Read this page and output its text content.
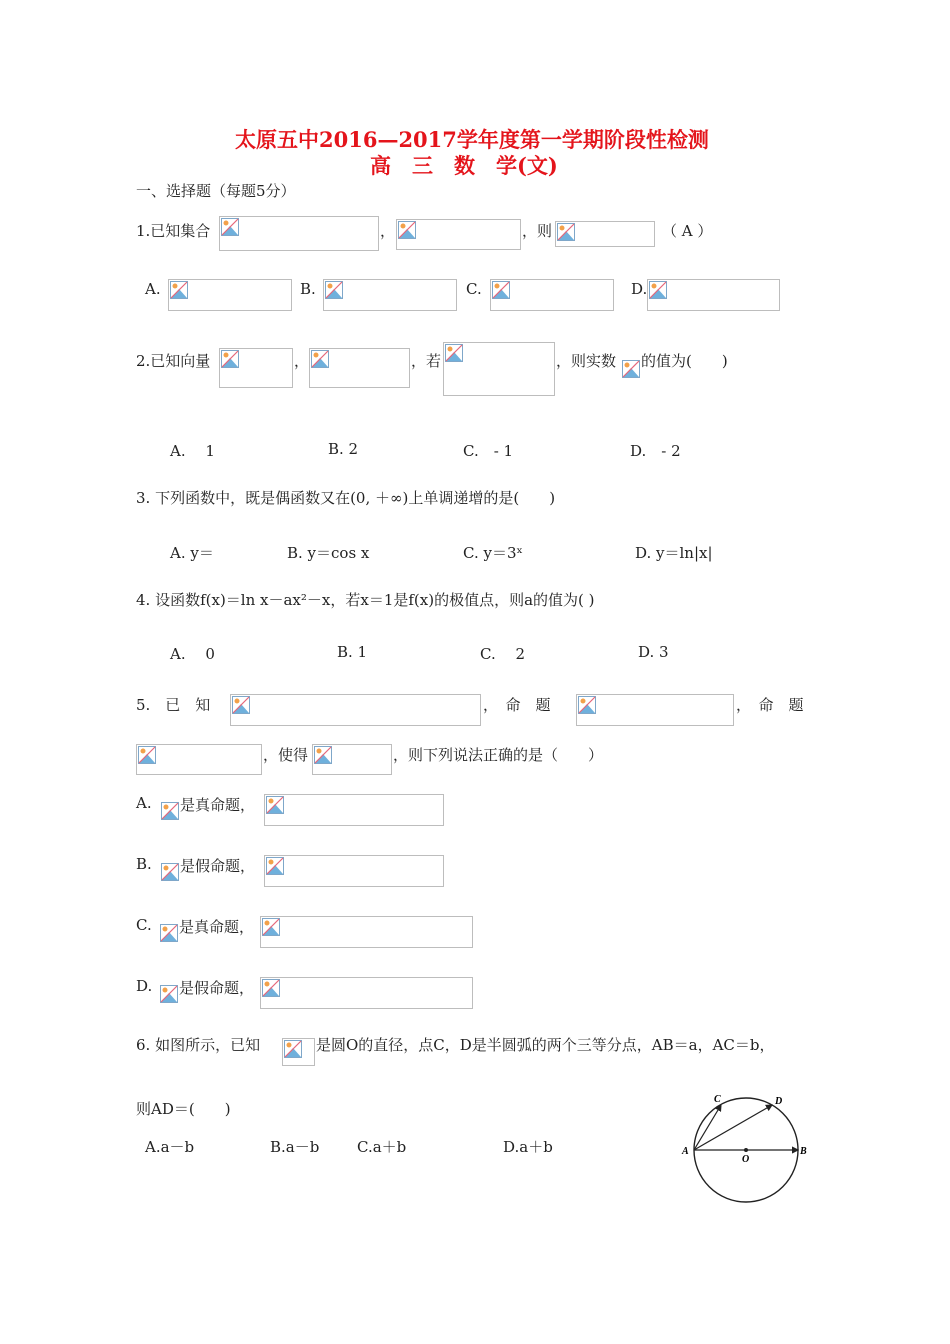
太原五中2016—2017学年度第一学期阶段性检测
高　三　数　学(文)
一、选择题（每题5分）
1.已知集合	，	，则	（ A ）
A.	B.	C.	D.
2.已知向量	，	，若	，则实数 的值为(　　)
A.　 1	B. 2	C.　- 1	D.　- 2
3. 下列函数中，既是偶函数又在(0, ＋∞)上单调递增的是(　　)
A. y＝	B. y＝cos x	C. y＝3ˣ	D. y＝ln|x|
4. 设函数f(x)＝ln x－ax²－x，若x＝1是f(x)的极值点，则a的值为( )
A.　 0	B. 1	C.　 2	D. 3
5.　已　知	，　命　题	，　命　题
，使得	，则下列说法正确的是（　　）
A. 是真命题，
B. 是假命题，
C. 是真命题，
D. 是假命题，
6. 如图所示，已知	是圆O的直径，点C，D是半圆弧的两个三等分点，AB＝a，AC＝b，
则AD＝(　　)
A.a－b	B.a－b	C.a＋b	D.a＋b	A	B
C	D
O
